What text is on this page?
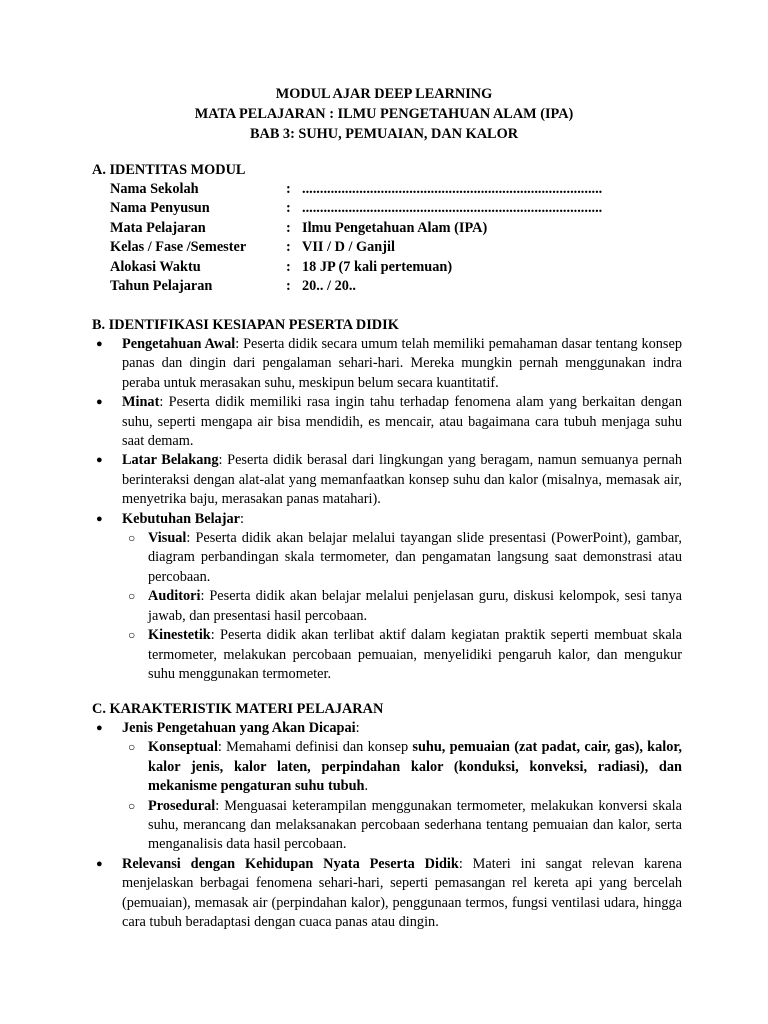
MODUL AJAR DEEP LEARNING
MATA PELAJARAN : ILMU PENGETAHUAN ALAM (IPA)
BAB 3: SUHU, PEMUAIAN, DAN KALOR
A. IDENTITAS MODUL
Nama Sekolah	: ....................................................................................
Nama Penyusun	: ....................................................................................
Mata Pelajaran	: Ilmu Pengetahuan Alam (IPA)
Kelas / Fase /Semester	: VII / D / Ganjil
Alokasi Waktu	: 18 JP (7 kali pertemuan)
Tahun Pelajaran	: 20.. / 20..
B. IDENTIFIKASI KESIAPAN PESERTA DIDIK
● Pengetahuan Awal: Peserta didik secara umum telah memiliki pemahaman dasar tentang konsep panas dan dingin dari pengalaman sehari-hari. Mereka mungkin pernah menggunakan indra peraba untuk merasakan suhu, meskipun belum secara kuantitatif.
● Minat: Peserta didik memiliki rasa ingin tahu terhadap fenomena alam yang berkaitan dengan suhu, seperti mengapa air bisa mendidih, es mencair, atau bagaimana cara tubuh menjaga suhu saat demam.
● Latar Belakang: Peserta didik berasal dari lingkungan yang beragam, namun semuanya pernah berinteraksi dengan alat-alat yang memanfaatkan konsep suhu dan kalor (misalnya, memasak air, menyetrika baju, merasakan panas matahari).
● Kebutuhan Belajar:
○ Visual: Peserta didik akan belajar melalui tayangan slide presentasi (PowerPoint), gambar, diagram perbandingan skala termometer, dan pengamatan langsung saat demonstrasi atau percobaan.
○ Auditori: Peserta didik akan belajar melalui penjelasan guru, diskusi kelompok, sesi tanya jawab, dan presentasi hasil percobaan.
○ Kinestetik: Peserta didik akan terlibat aktif dalam kegiatan praktik seperti membuat skala termometer, melakukan percobaan pemuaian, menyelidiki pengaruh kalor, dan mengukur suhu menggunakan termometer.
C. KARAKTERISTIK MATERI PELAJARAN
● Jenis Pengetahuan yang Akan Dicapai:
○ Konseptual: Memahami definisi dan konsep suhu, pemuaian (zat padat, cair, gas), kalor, kalor jenis, kalor laten, perpindahan kalor (konduksi, konveksi, radiasi), dan mekanisme pengaturan suhu tubuh.
○ Prosedural: Menguasai keterampilan menggunakan termometer, melakukan konversi skala suhu, merancang dan melaksanakan percobaan sederhana tentang pemuaian dan kalor, serta menganalisis data hasil percobaan.
● Relevansi dengan Kehidupan Nyata Peserta Didik: Materi ini sangat relevan karena menjelaskan berbagai fenomena sehari-hari, seperti pemasangan rel kereta api yang bercelah (pemuaian), memasak air (perpindahan kalor), penggunaan termos, fungsi ventilasi udara, hingga cara tubuh beradaptasi dengan cuaca panas atau dingin.
